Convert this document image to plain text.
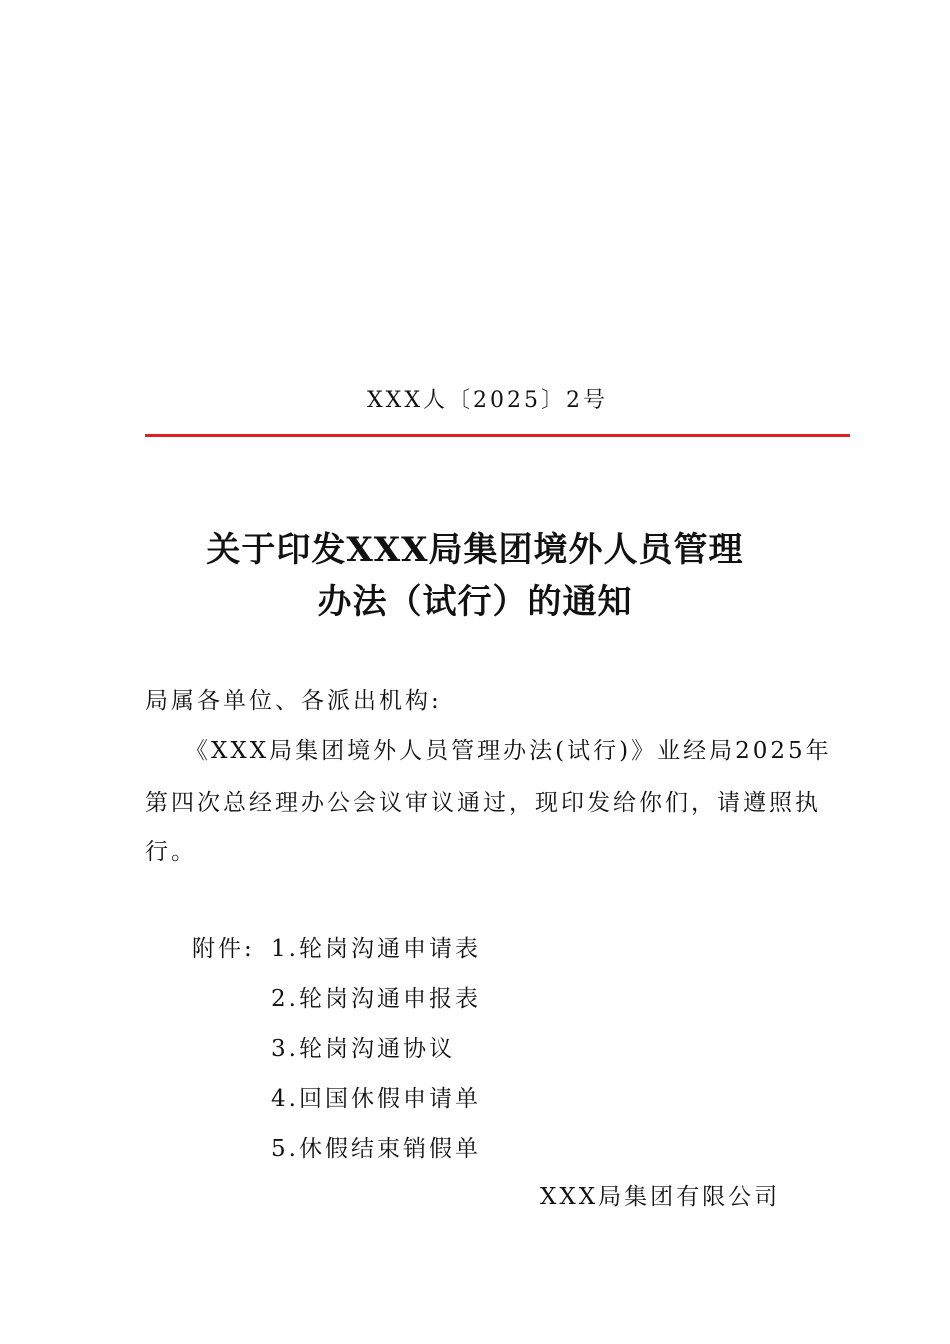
XXX人〔2025〕2号
关于印发XXX局集团境外人员管理
办法（试行）的通知
局属各单位、各派出机构:
《XXX局集团境外人员管理办法(试行)》业经局2025年
第四次总经理办公会议审议通过，现印发给你们，请遵照执
行。
附件: 1.轮岗沟通申请表
2.轮岗沟通申报表
3.轮岗沟通协议
4.回国休假申请单
5.休假结束销假单
XXX局集团有限公司
